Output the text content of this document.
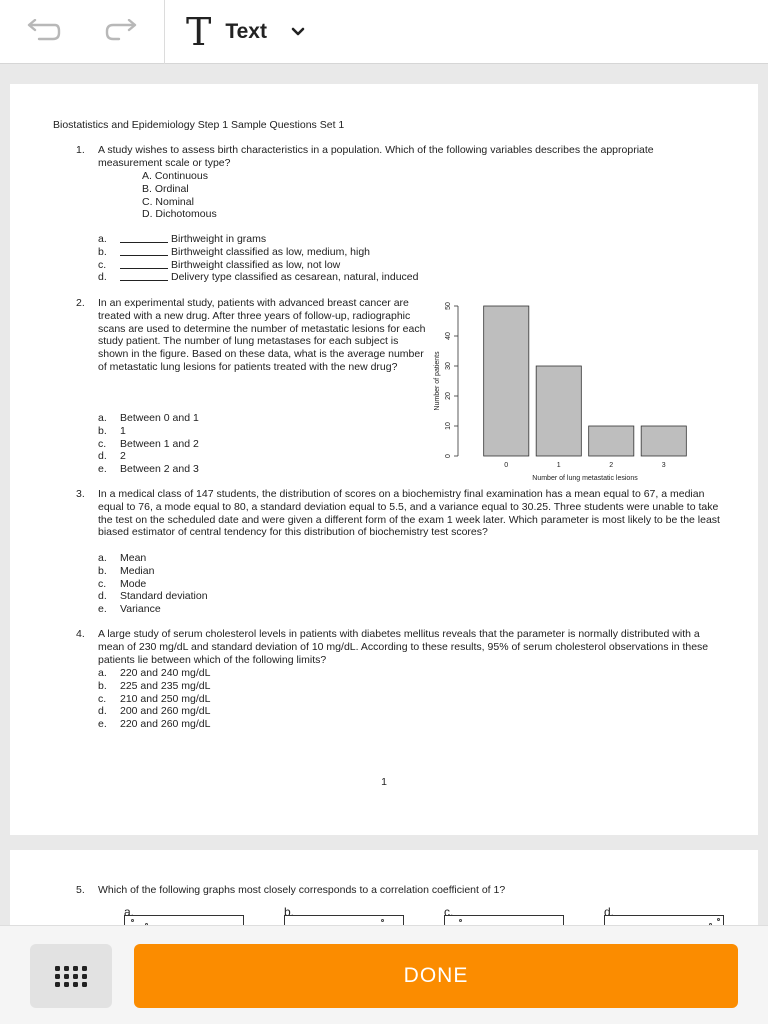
T Text
Biostatistics and Epidemiology Step 1 Sample Questions Set 1
1. A study wishes to assess birth characteristics in a population. Which of the following variables describes the appropriate measurement scale or type?
A. Continuous
B. Ordinal
C. Nominal
D. Dichotomous
a.	Birthweight in grams
b.	Birthweight classified as low, medium, high
c.	Birthweight classified as low, not low
d.	Delivery type classified as cesarean, natural, induced
2. In an experimental study, patients with advanced breast cancer are treated with a new drug. After three years of follow-up, radiographic scans are used to determine the number of metastatic lesions for each study patient. The number of lung metastases for each subject is shown in the figure. Based on these data, what is the average number of metastatic lung lesions for patients treated with the new drug?
a. Between 0 and 1
b. 1
c. Between 1 and 2
d. 2
e. Between 2 and 3
0
10
20
30
40
50
Number of patients
0	1	2	3
Number of lung metastatic lesions
3. In a medical class of 147 students, the distribution of scores on a biochemistry final examination has a mean equal to 67, a median equal to 76, a mode equal to 80, a standard deviation equal to 5.5, and a variance equal to 30.25. Three students were unable to take the test on the scheduled date and were given a different form of the exam 1 week later. Which parameter is most likely to be the least biased estimator of central tendency for this distribution of biochemistry test scores?
a. Mean
b. Median
c. Mode
d. Standard deviation
e. Variance
4. A large study of serum cholesterol levels in patients with diabetes mellitus reveals that the parameter is normally distributed with a mean of 230 mg/dL and standard deviation of 10 mg/dL. According to these results, 95% of serum cholesterol observations in these patients lie between which of the following limits?
a. 220 and 240 mg/dL
b. 225 and 235 mg/dL
c. 210 and 250 mg/dL
d. 200 and 260 mg/dL
e. 220 and 260 mg/dL
1
5. Which of the following graphs most closely corresponds to a correlation coefficient of 1?
a.	b.	c.	d.
DONE
